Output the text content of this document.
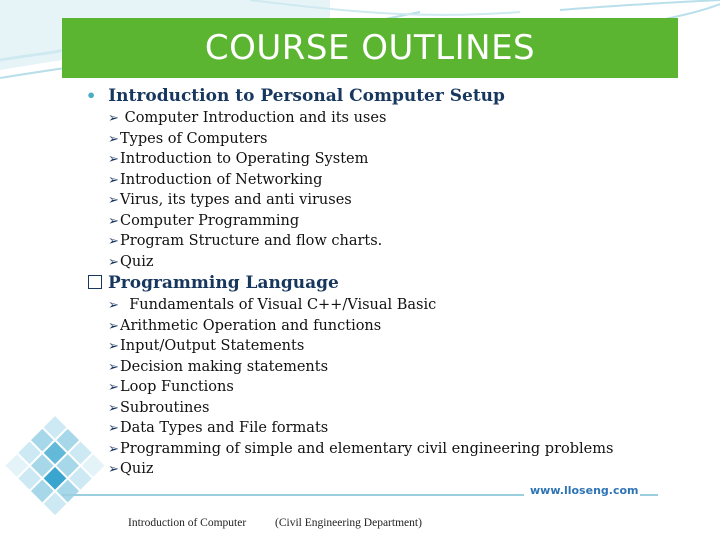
COURSE OUTLINES
• Introduction to Personal Computer Setup
➢ Computer Introduction and its uses
➢Types of Computers
➢Introduction to Operating System
➢Introduction of Networking
➢Virus, its types and anti viruses
➢Computer Programming
➢Program Structure and flow charts.
➢Quiz
Programming Language
➢ Fundamentals of Visual C++/Visual Basic
➢Arithmetic Operation and functions
➢Input/Output Statements
➢Decision making statements
➢Loop Functions
➢Subroutines
➢Data Types and File formats
➢Programming of simple and elementary civil engineering problems
➢Quiz
www.lloseng.com
Introduction of Computer	(Civil Engineering Department)
